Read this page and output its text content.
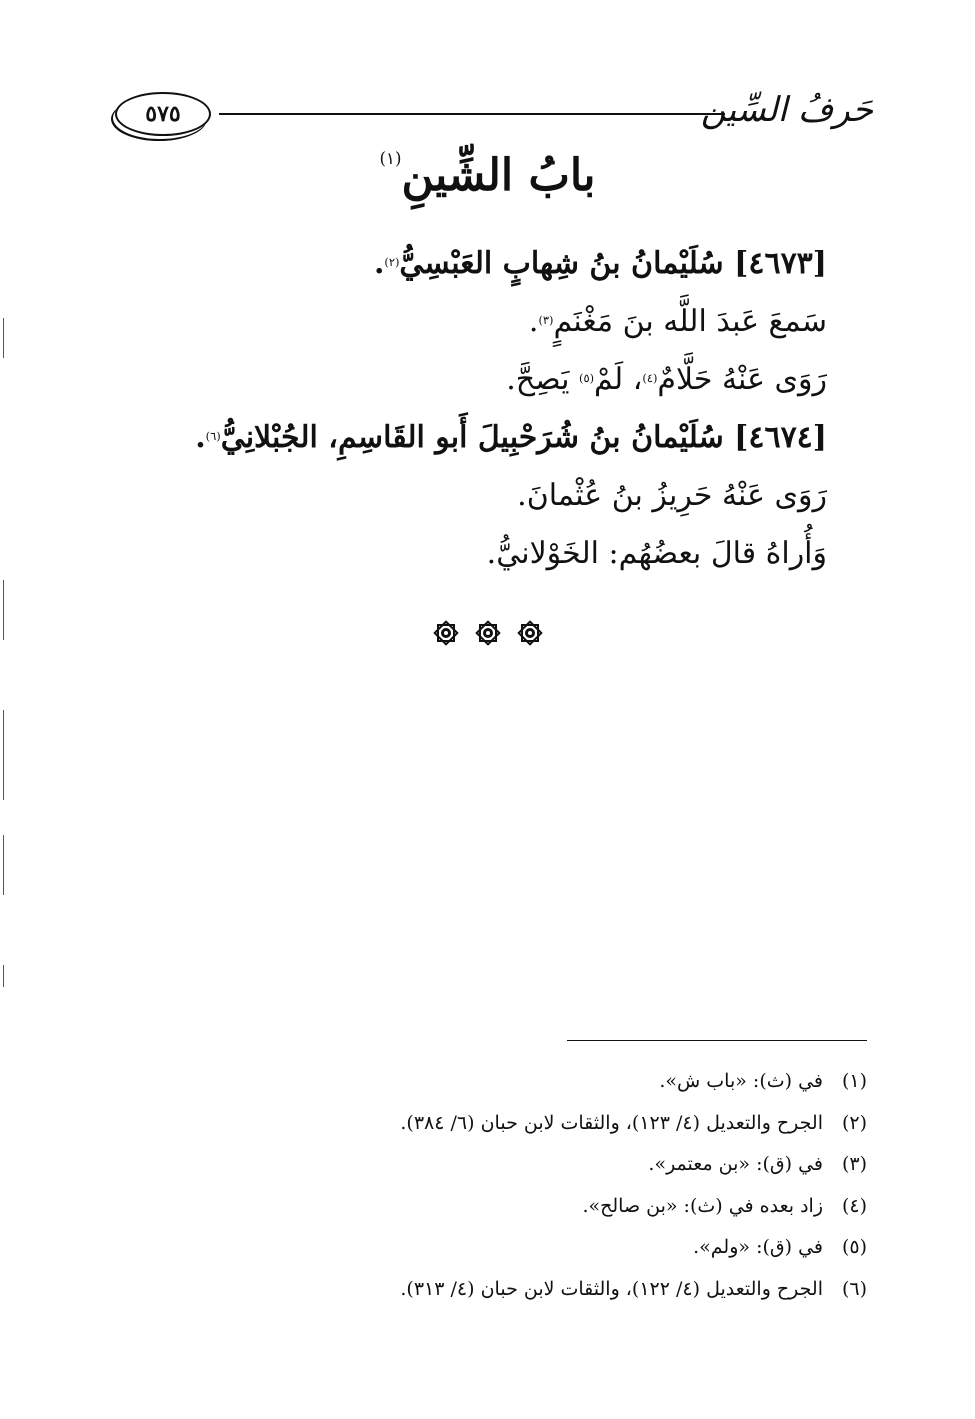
٥٧٥	حَرفُ السِّين
بابُ الشِّينِ$^{(١)}$
[٤٦٧٣] سُلَيْمانُ بنُ شِهابٍ العَبْسِيُّ$^{(٢)}$.
سَمعَ عَبدَ اللَّه بنَ مَغْنَمٍ$^{(٣)}$.
رَوَى عَنْهُ حَلَّامٌ$^{(٤)}$، لَمْ$^{(٥)}$ يَصِحَّ.
[٤٦٧٤] سُلَيْمانُ بنُ شُرَحْبِيلَ أَبو القَاسِمِ، الجُبْلانِيُّ$^{(٦)}$.
رَوَى عَنْهُ حَرِيزُ بنُ عُثْمانَ.
وَأُراهُ قالَ بعضُهُم: الخَوْلانيُّ.
(١)في (ث): «باب ش».
(٢)الجرح والتعديل (٤/ ١٢٣)، والثقات لابن حبان (٦/ ٣٨٤).
(٣)في (ق): «بن معتمر».
(٤)زاد بعده في (ث): «بن صالح».
(٥)في (ق): «ولم».
(٦)الجرح والتعديل (٤/ ١٢٢)، والثقات لابن حبان (٤/ ٣١٣).
